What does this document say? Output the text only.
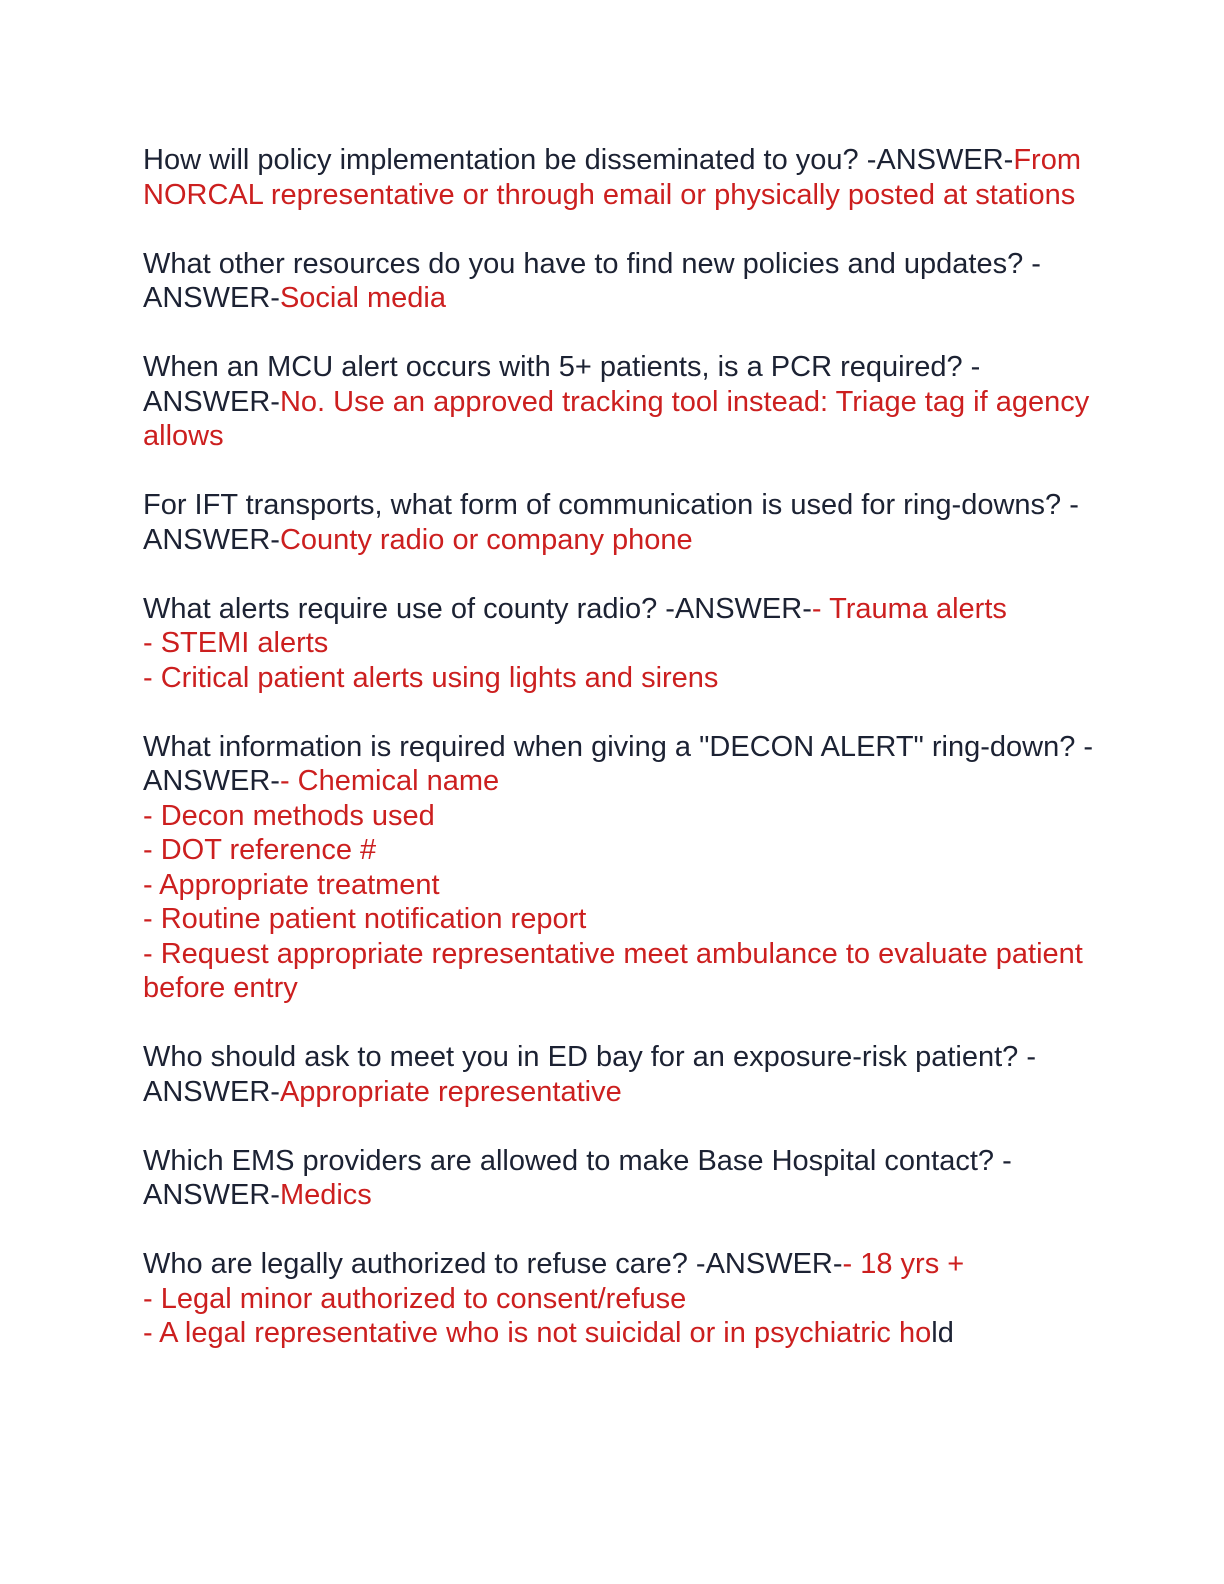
How will policy implementation be disseminated to you? -ANSWER-From NORCAL representative or through email or physically posted at stations
What other resources do you have to find new policies and updates? -ANSWER-Social media
When an MCU alert occurs with 5+ patients, is a PCR required? -ANSWER-No. Use an approved tracking tool instead: Triage tag if agency allows
For IFT transports, what form of communication is used for ring-downs? -ANSWER-County radio or company phone
What alerts require use of county radio? -ANSWER-- Trauma alerts
- STEMI alerts
- Critical patient alerts using lights and sirens
What information is required when giving a "DECON ALERT" ring-down? -ANSWER-- Chemical name
- Decon methods used
- DOT reference #
- Appropriate treatment
- Routine patient notification report
- Request appropriate representative meet ambulance to evaluate patient before entry
Who should ask to meet you in ED bay for an exposure-risk patient? -ANSWER-Appropriate representative
Which EMS providers are allowed to make Base Hospital contact? -ANSWER-Medics
Who are legally authorized to refuse care? -ANSWER-- 18 yrs +
- Legal minor authorized to consent/refuse
- A legal representative who is not suicidal or in psychiatric hold
